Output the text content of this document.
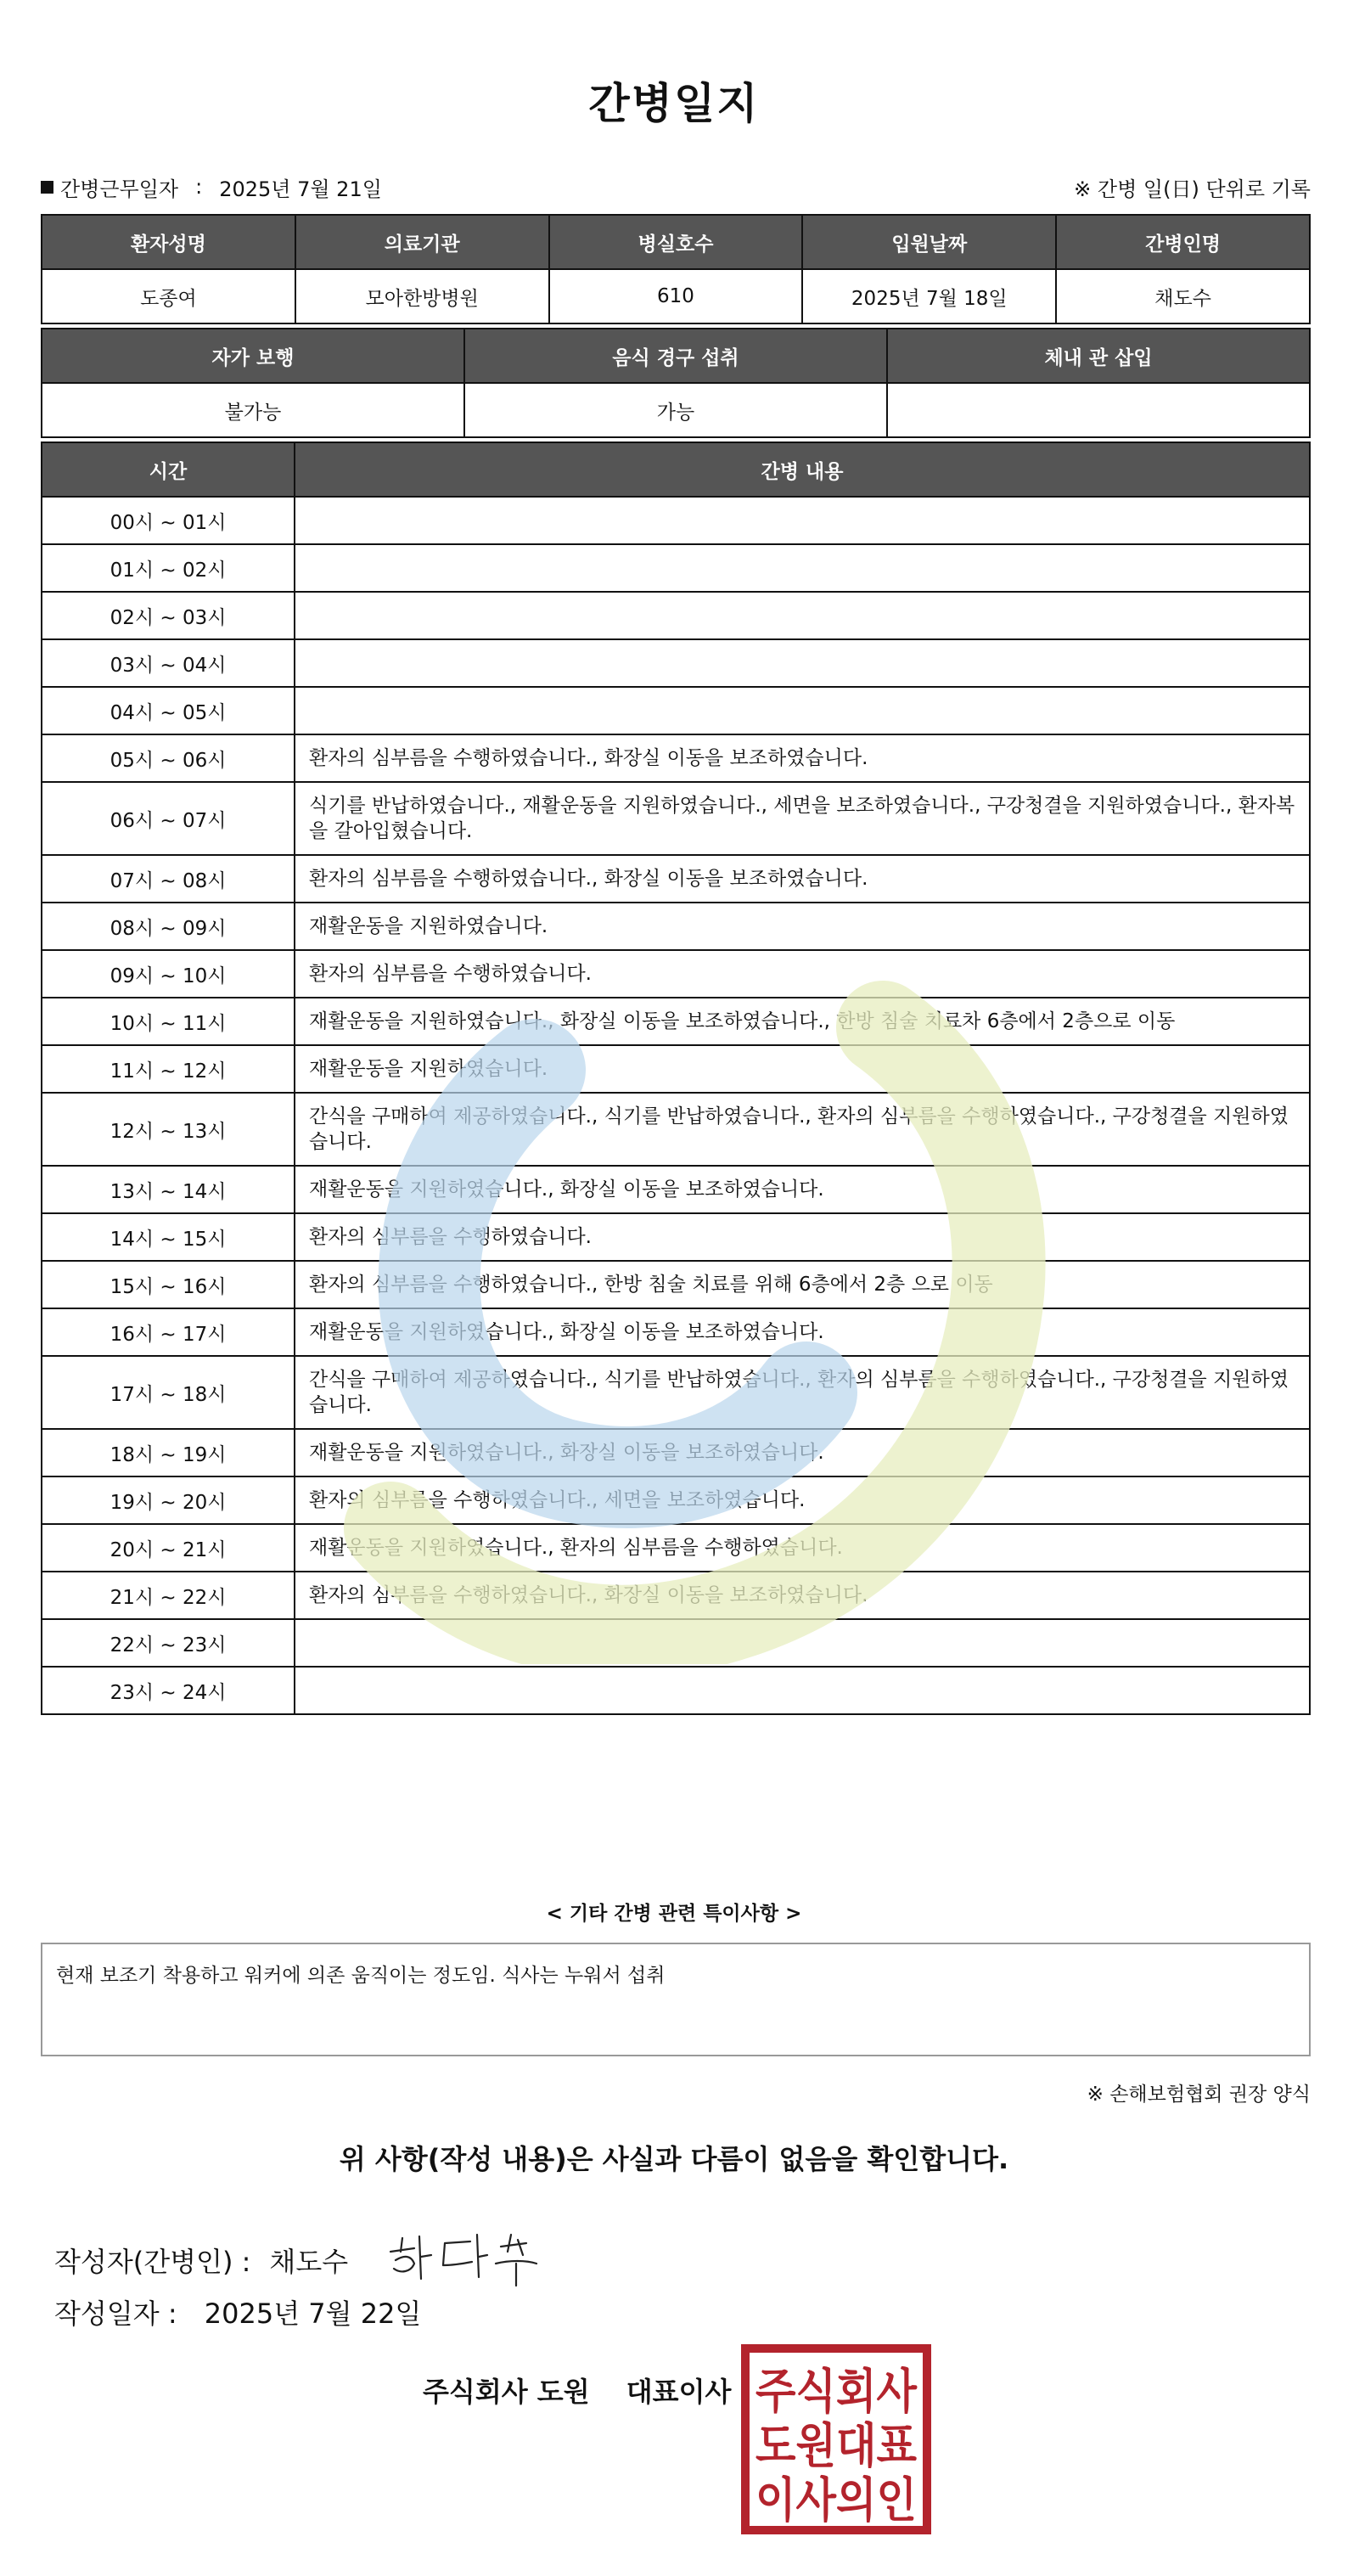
간병일지
간병근무일자 : 2025년 7월 21일	※ 간병 일(日) 단위로 기록
환자성명	의료기관	병실호수	입원날짜	간병인명
도종여	모아한방병원	610	2025년 7월 18일	채도수
자가 보행	음식 경구 섭취	체내 관 삽입
불가능	가능	
시간	간병 내용
00시 ~ 01시	
01시 ~ 02시	
02시 ~ 03시	
03시 ~ 04시	
04시 ~ 05시	
05시 ~ 06시	환자의 심부름을 수행하였습니다., 화장실 이동을 보조하였습니다.
06시 ~ 07시	식기를 반납하였습니다., 재활운동을 지원하였습니다., 세면을 보조하였습니다., 구강청결을 지원하였습니다., 환자복을 갈아입혔습니다.
07시 ~ 08시	환자의 심부름을 수행하였습니다., 화장실 이동을 보조하였습니다.
08시 ~ 09시	재활운동을 지원하였습니다.
09시 ~ 10시	환자의 심부름을 수행하였습니다.
10시 ~ 11시	재활운동을 지원하였습니다., 화장실 이동을 보조하였습니다., 한방 침술 치료차 6층에서 2층으로 이동
11시 ~ 12시	재활운동을 지원하였습니다.
12시 ~ 13시	간식을 구매하여 제공하였습니다., 식기를 반납하였습니다., 환자의 심부름을 수행하였습니다., 구강청결을 지원하였습니다.
13시 ~ 14시	재활운동을 지원하였습니다., 화장실 이동을 보조하였습니다.
14시 ~ 15시	환자의 심부름을 수행하였습니다.
15시 ~ 16시	환자의 심부름을 수행하였습니다., 한방 침술 치료를 위해 6층에서 2층 으로 이동
16시 ~ 17시	재활운동을 지원하였습니다., 화장실 이동을 보조하였습니다.
17시 ~ 18시	간식을 구매하여 제공하였습니다., 식기를 반납하였습니다., 환자의 심부름을 수행하였습니다., 구강청결을 지원하였습니다.
18시 ~ 19시	재활운동을 지원하였습니다., 화장실 이동을 보조하였습니다.
19시 ~ 20시	환자의 심부름을 수행하였습니다., 세면을 보조하였습니다.
20시 ~ 21시	재활운동을 지원하였습니다., 환자의 심부름을 수행하였습니다.
21시 ~ 22시	환자의 심부름을 수행하였습니다., 화장실 이동을 보조하였습니다.
22시 ~ 23시	
23시 ~ 24시	
< 기타 간병 관련 특이사항 >
현재 보조기 착용하고 워커에 의존 움직이는 정도임. 식사는 누워서 섭취
※ 손해보험협회 권장 양식
위 사항(작성 내용)은 사실과 다름이 없음을 확인합니다.
작성자(간병인) : 채도수
작성일자 : 2025년 7월 22일
주식회사 도원 대표이사 주식회사
도원대표
이사의인
